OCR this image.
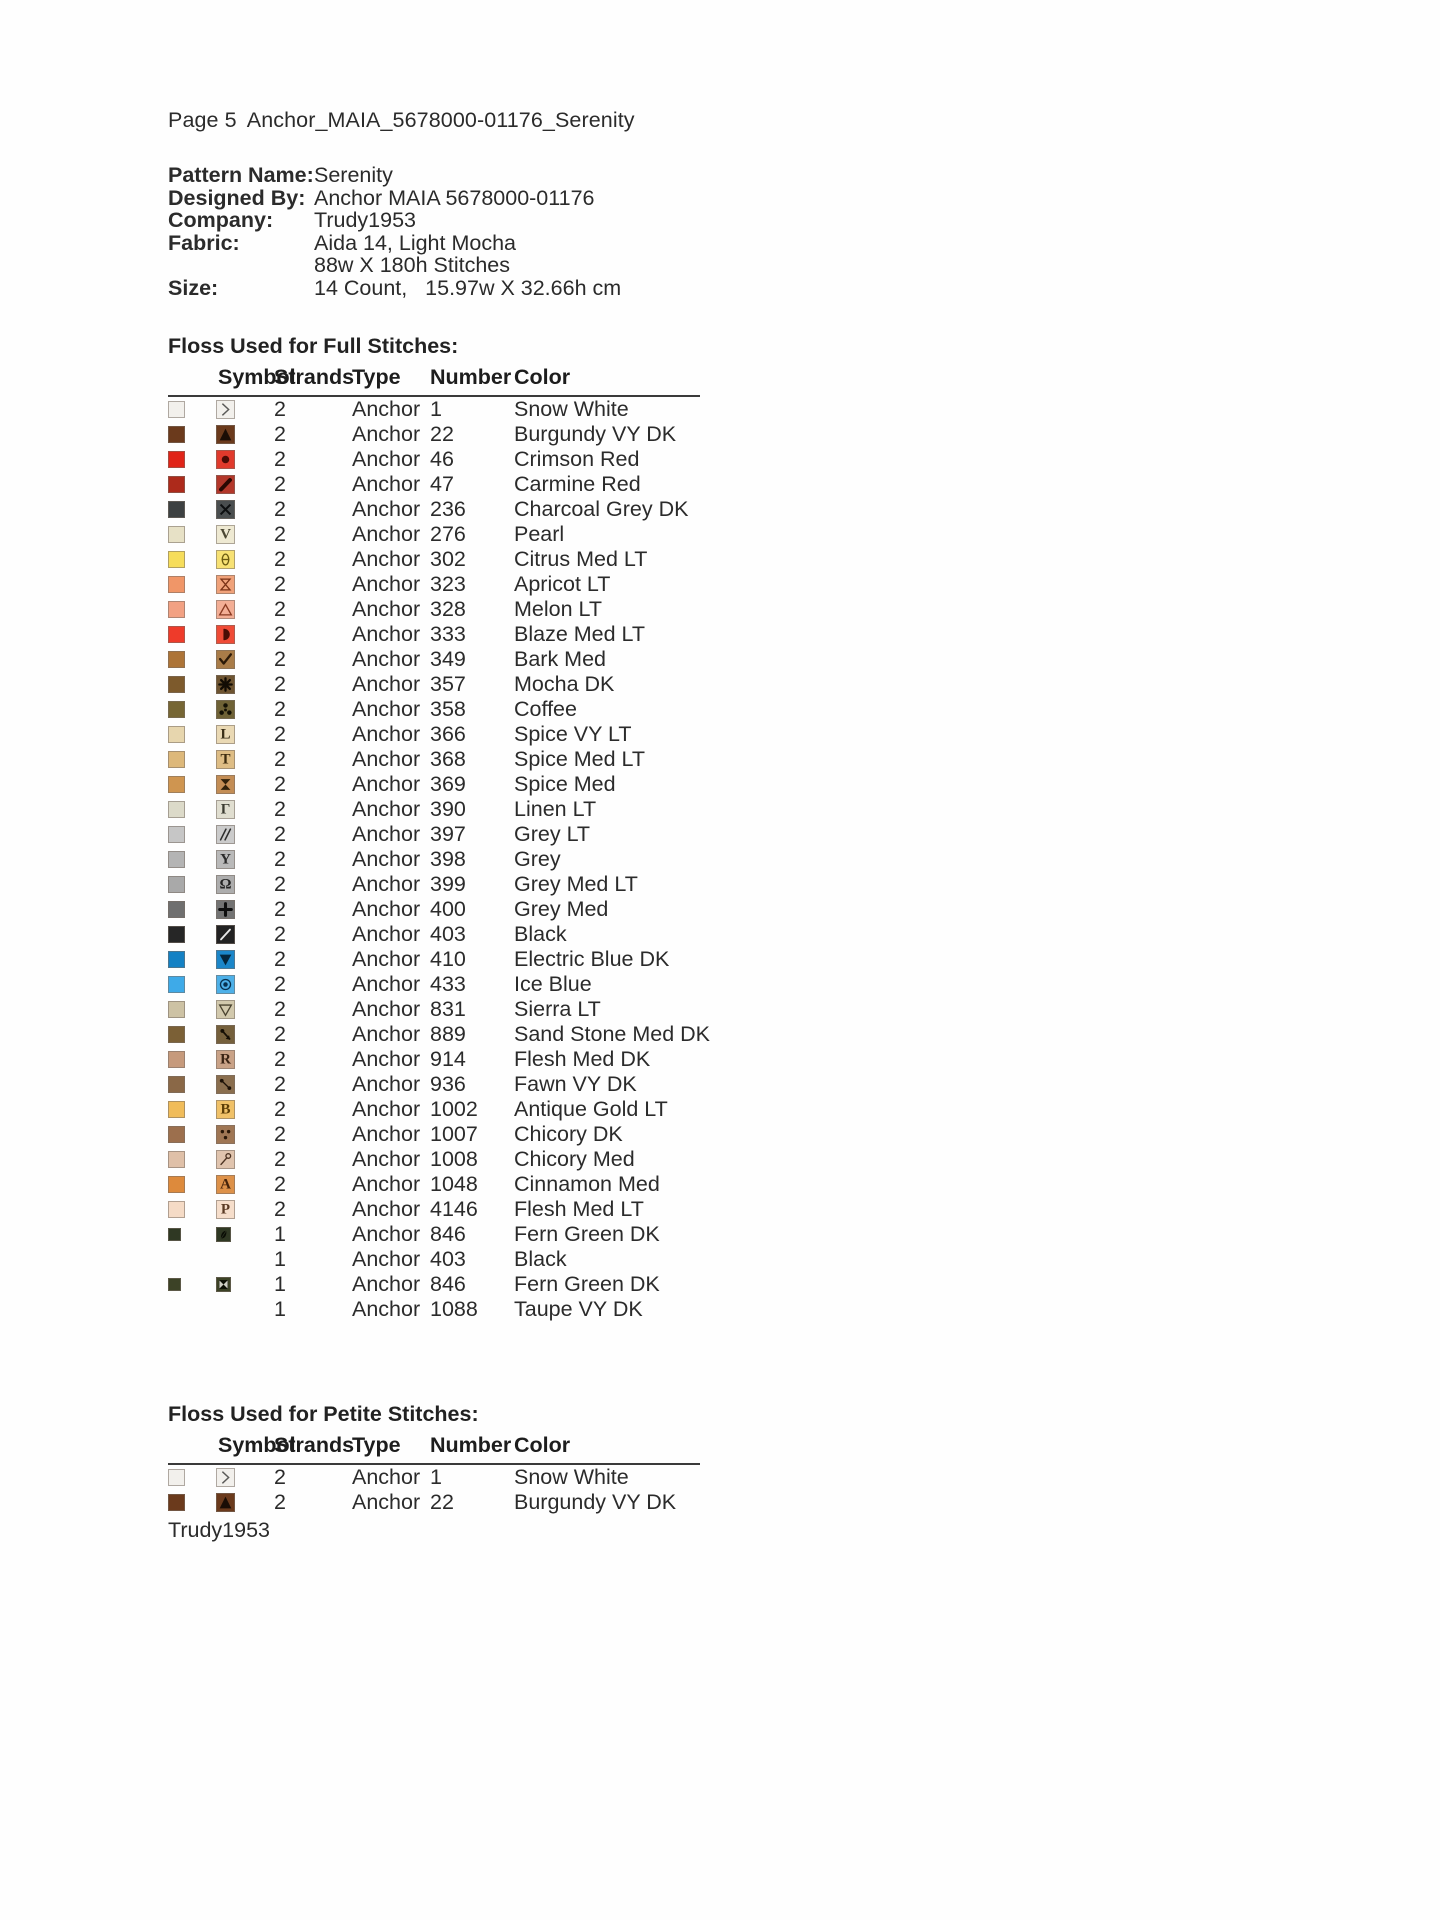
Page 5 Anchor_MAIA_5678000-01176_Serenity
Pattern Name: Serenity
Designed By: Anchor MAIA 5678000-01176
Company:	Trudy1953
Fabric:	Aida 14, Light Mocha
88w X 180h Stitches
Size:	14 Count,   15.97w X 32.66h cm
Floss Used for Full Stitches:
	Symbol	Strands	Type	Number	Color

	2	Anchor	1	Snow White

	2	Anchor	22	Burgundy VY DK

	2	Anchor	46	Crimson Red

	2	Anchor	47	Carmine Red

	2	Anchor	236	Charcoal Grey DK

	V	2	Anchor	276	Pearl

	2	Anchor	302	Citrus Med LT

	2	Anchor	323	Apricot LT

	2	Anchor	328	Melon LT

	2	Anchor	333	Blaze Med LT

	2	Anchor	349	Bark Med

	2	Anchor	357	Mocha DK

	2	Anchor	358	Coffee

	L	2	Anchor	366	Spice VY LT

	T	2	Anchor	368	Spice Med LT

	2	Anchor	369	Spice Med

	Γ	2	Anchor	390	Linen LT

	2	Anchor	397	Grey LT

	Y	2	Anchor	398	Grey

	Ω	2	Anchor	399	Grey Med LT

	2	Anchor	400	Grey Med

	2	Anchor	403	Black

	2	Anchor	410	Electric Blue DK

	2	Anchor	433	Ice Blue

	2	Anchor	831	Sierra LT

	2	Anchor	889	Sand Stone Med DK

	R	2	Anchor	914	Flesh Med DK

	2	Anchor	936	Fawn VY DK

	B	2	Anchor	1002	Antique Gold LT

	2	Anchor	1007	Chicory DK

	2	Anchor	1008	Chicory Med

	A	2	Anchor	1048	Cinnamon Med

	P	2	Anchor	4146	Flesh Med LT

	1	Anchor	846	Fern Green DK
		1	Anchor	403	Black

	1	Anchor	846	Fern Green DK
		1	Anchor	1088	Taupe VY DK
Floss Used for Petite Stitches:
	Symbol	Strands	Type	Number	Color

	2	Anchor	1	Snow White

	2	Anchor	22	Burgundy VY DK
Trudy1953
